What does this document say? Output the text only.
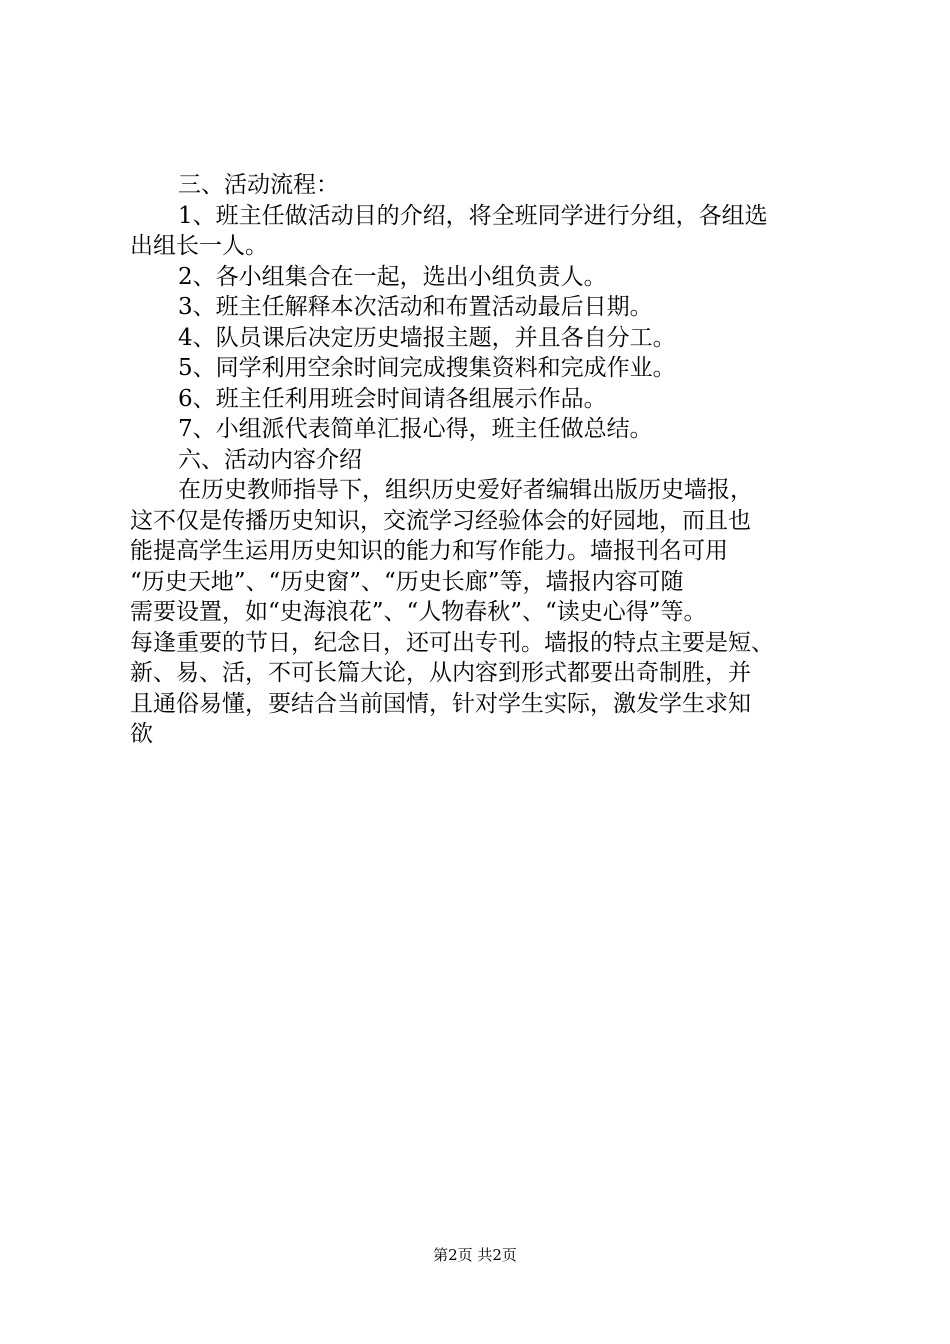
三、活动流程：
1、班主任做活动目的介绍，将全班同学进行分组，各组选
出组长一人。
2、各小组集合在一起，选出小组负责人。
3、班主任解释本次活动和布置活动最后日期。
4、队员课后决定历史墙报主题，并且各自分工。
5、同学利用空余时间完成搜集资料和完成作业。
6、班主任利用班会时间请各组展示作品。
7、小组派代表简单汇报心得，班主任做总结。
六、活动内容介绍
在历史教师指导下，组织历史爱好者编辑出版历史墙报，
这不仅是传播历史知识，交流学习经验体会的好园地，而且也
能提高学生运用历史知识的能力和写作能力。墙报刊名可用
“历史天地”、“历史窗”、“历史长廊”等，墙报内容可随
需要设置，如“史海浪花”、“人物春秋”、“读史心得”等。
每逢重要的节日，纪念日，还可出专刊。墙报的特点主要是短、
新、易、活，不可长篇大论，从内容到形式都要出奇制胜，并
且通俗易懂，要结合当前国情，针对学生实际，激发学生求知
欲
第2页 共2页
